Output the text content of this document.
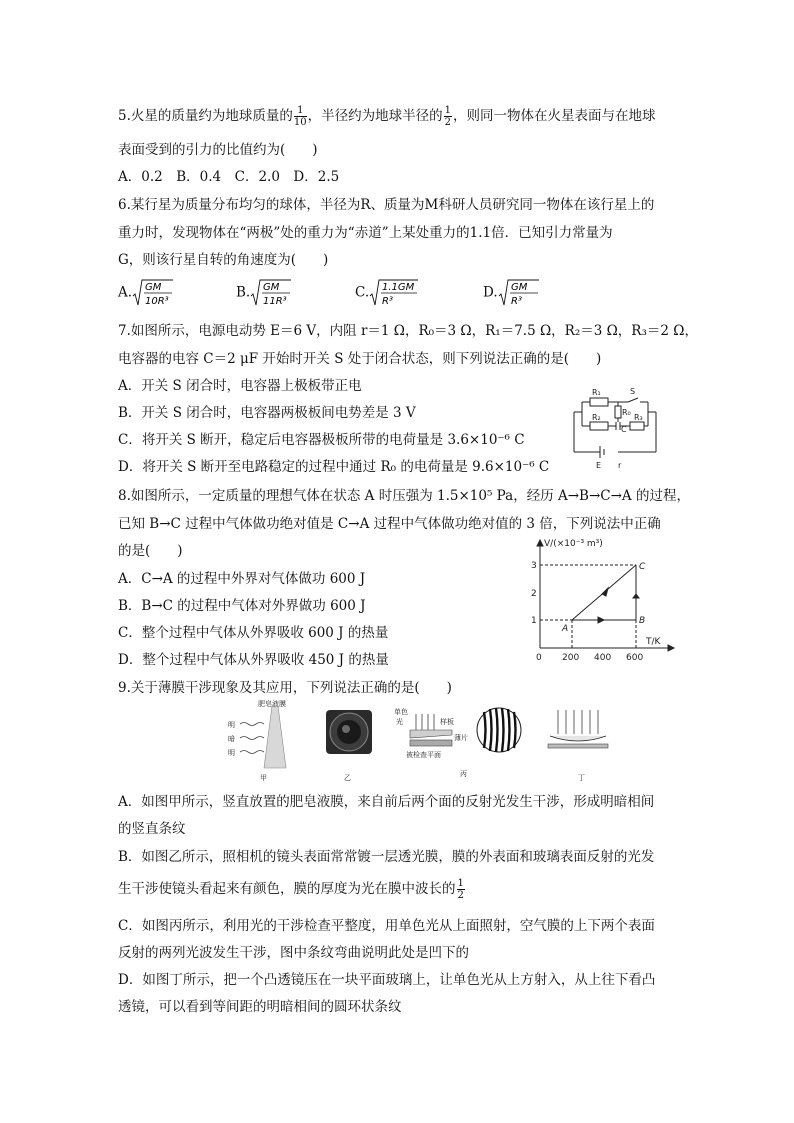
5.火星的质量约为地球质量的 $\frac{1}{10}$ ，半径约为地球半径的 $\frac{1}{2}$ ，则同一物体在火星表面与在地球
表面受到的引力的比值约为(　　)
A．0.2　B．0.4　C．2.0　D．2.5
6.某行星为质量分布均匀的球体，半径为R、质量为M科研人员研究同一物体在该行星上的
重力时，发现物体在“两极”处的重力为“赤道”上某处重力的1.1倍．已知引力常量为
G，则该行星自转的角速度为(　　)
A. GM
10R³
B. GM
11R³
C. 1.1GM
R³
D. GM
R³
7.如图所示，电源电动势 E＝6 V，内阻 r＝1 Ω，R₀＝3 Ω，R₁＝7.5 Ω，R₂＝3 Ω，R₃＝2 Ω，
电容器的电容 C＝2 μF 开始时开关 S 处于闭合状态，则下列说法正确的是(　　)
A．开关 S 闭合时，电容器上极板带正电
B．开关 S 闭合时，电容器两极板间电势差是 3 V
C．将开关 S 断开，稳定后电容器极板所带的电荷量是 3.6×10⁻⁶ C
D．将开关 S 断开至电路稳定的过程中通过 R₀ 的电荷量是 9.6×10⁻⁶ C
R₁	S
R₀
R₂
C
R₃
E r
8.如图所示，一定质量的理想气体在状态 A 时压强为 1.5×10⁵ Pa，经历 A→B→C→A 的过程，
已知 B→C 过程中气体做功绝对值是 C→A 过程中气体做功绝对值的 3 倍，下列说法中正确
的是(　　)
A．C→A 的过程中外界对气体做功 600 J
B．B→C 的过程中气体对外界做功 600 J
C．整个过程中气体从外界吸收 600 J 的热量
D．整个过程中气体从外界吸收 450 J 的热量
V/(×10⁻³ m³)
T/K
0 200 400 600
1
2
3
A
B
C
9.关于薄膜干涉现象及其应用，下列说法正确的是(　　)
肥皂液膜
明
暗
明
甲	乙
单色
光	样板
薄片
被检查平面
丙	丁
A．如图甲所示，竖直放置的肥皂液膜，来自前后两个面的反射光发生干涉，形成明暗相间
的竖直条纹
B．如图乙所示，照相机的镜头表面常常镀一层透光膜，膜的外表面和玻璃表面反射的光发
生干涉使镜头看起来有颜色，膜的厚度为光在膜中波长的 $\frac{1}{2}$
C．如图丙所示，利用光的干涉检查平整度，用单色光从上面照射，空气膜的上下两个表面
反射的两列光波发生干涉，图中条纹弯曲说明此处是凹下的
D．如图丁所示，把一个凸透镜压在一块平面玻璃上，让单色光从上方射入，从上往下看凸
透镜，可以看到等间距的明暗相间的圆环状条纹
